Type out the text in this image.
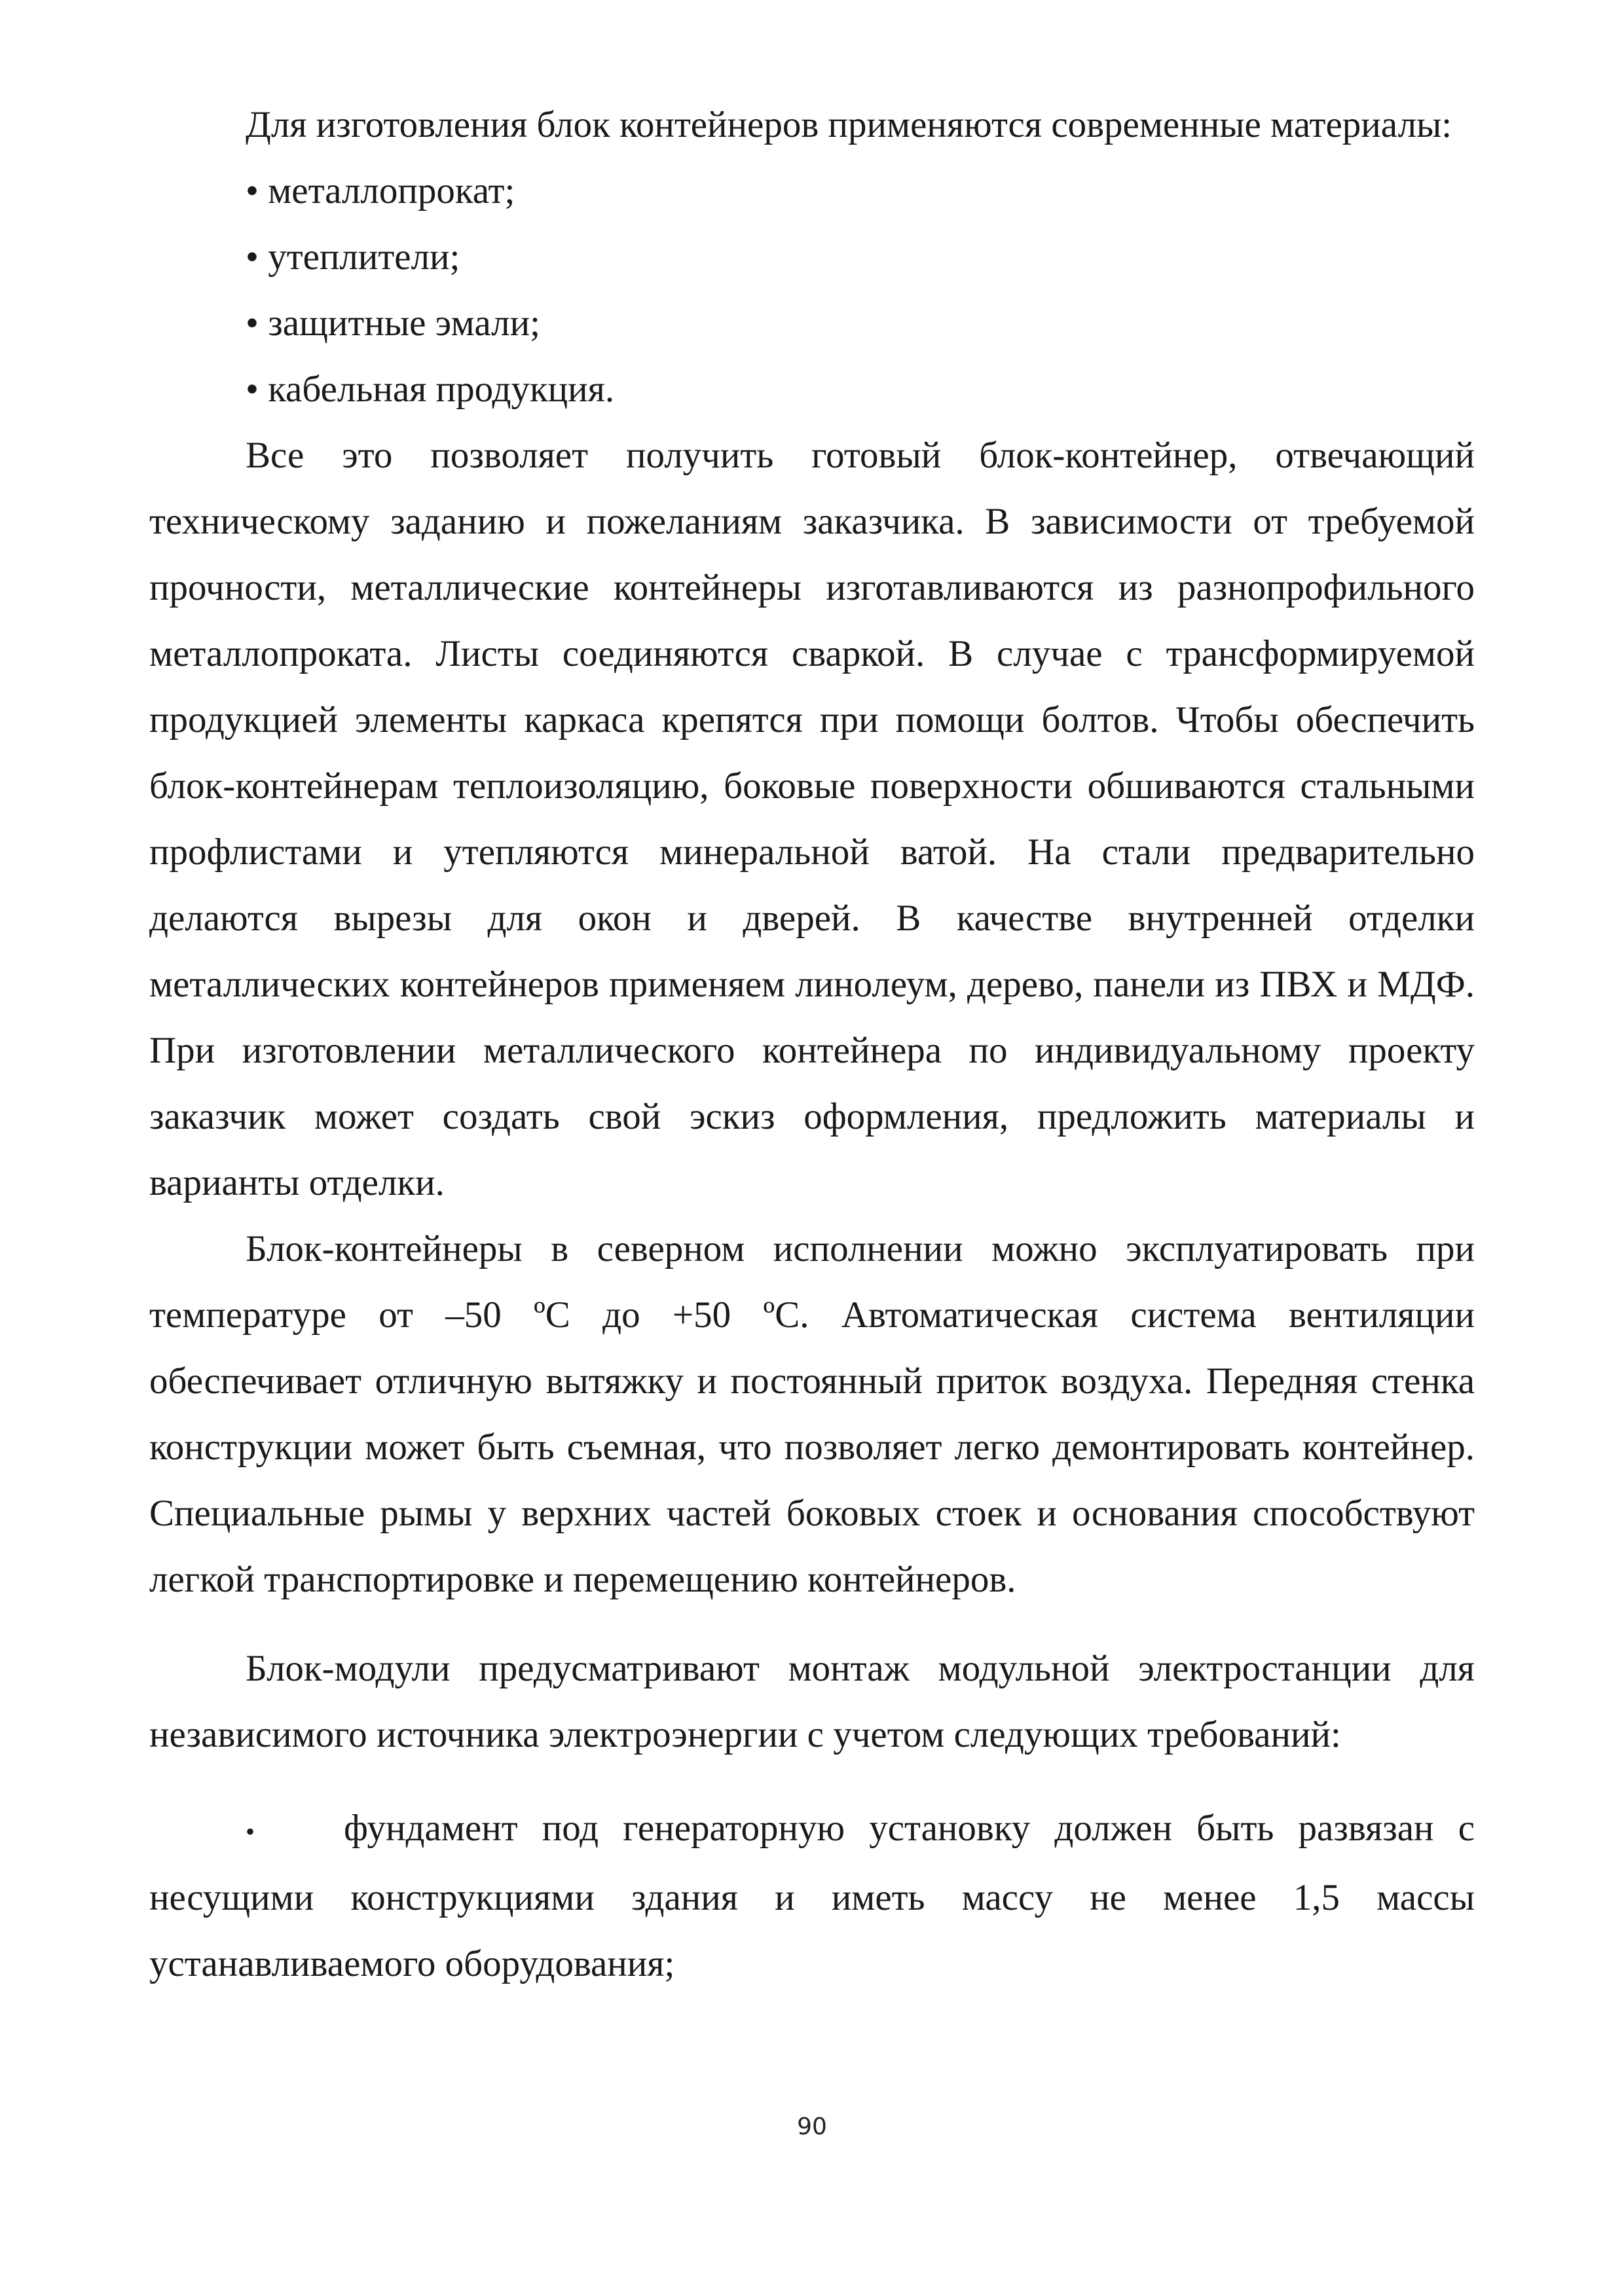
Для изготовления блок контейнеров применяются современные материалы:

• металлопрокат;

• утеплители;

• защитные эмали;

• кабельная продукция.

Все это позволяет получить готовый блок-контейнер, отвечающий техническому заданию и пожеланиям заказчика. В зависимости от требуемой прочности, металлические контейнеры изготавливаются из разнопрофильного металлопроката. Листы соединяются сваркой. В случае с трансформируемой продукцией элементы каркаса крепятся при помощи болтов. Чтобы обеспечить блок-контейнерам теплоизоляцию, боковые поверхности обшиваются стальными профлистами и утепляются минеральной ватой. На стали предварительно делаются вырезы для окон и дверей. В качестве внутренней отделки металлических контейнеров применяем линолеум, дерево, панели из ПВХ и МДФ. При изготовлении металлического контейнера по индивидуальному проекту заказчик может создать свой эскиз оформления, предложить материалы и варианты отделки.

Блок-контейнеры в северном исполнении можно эксплуатировать при температуре от ‒50 ºС до +50 ºС. Автоматическая система вентиляции обеспечивает отличную вытяжку и постоянный приток воздуха. Передняя стенка конструкции может быть съемная, что позволяет легко демонтировать контейнер. Специальные рымы у верхних частей боковых стоек и основания способствуют легкой транспортировке и перемещению контейнеров.

Блок-модули предусматривают монтаж модульной электростанции для независимого источника электроэнергии с учетом следующих требований:

• фундамент под генераторную установку должен быть развязан с несущими конструкциями здания и иметь массу не менее 1,5 массы устанавливаемого оборудования;

90
